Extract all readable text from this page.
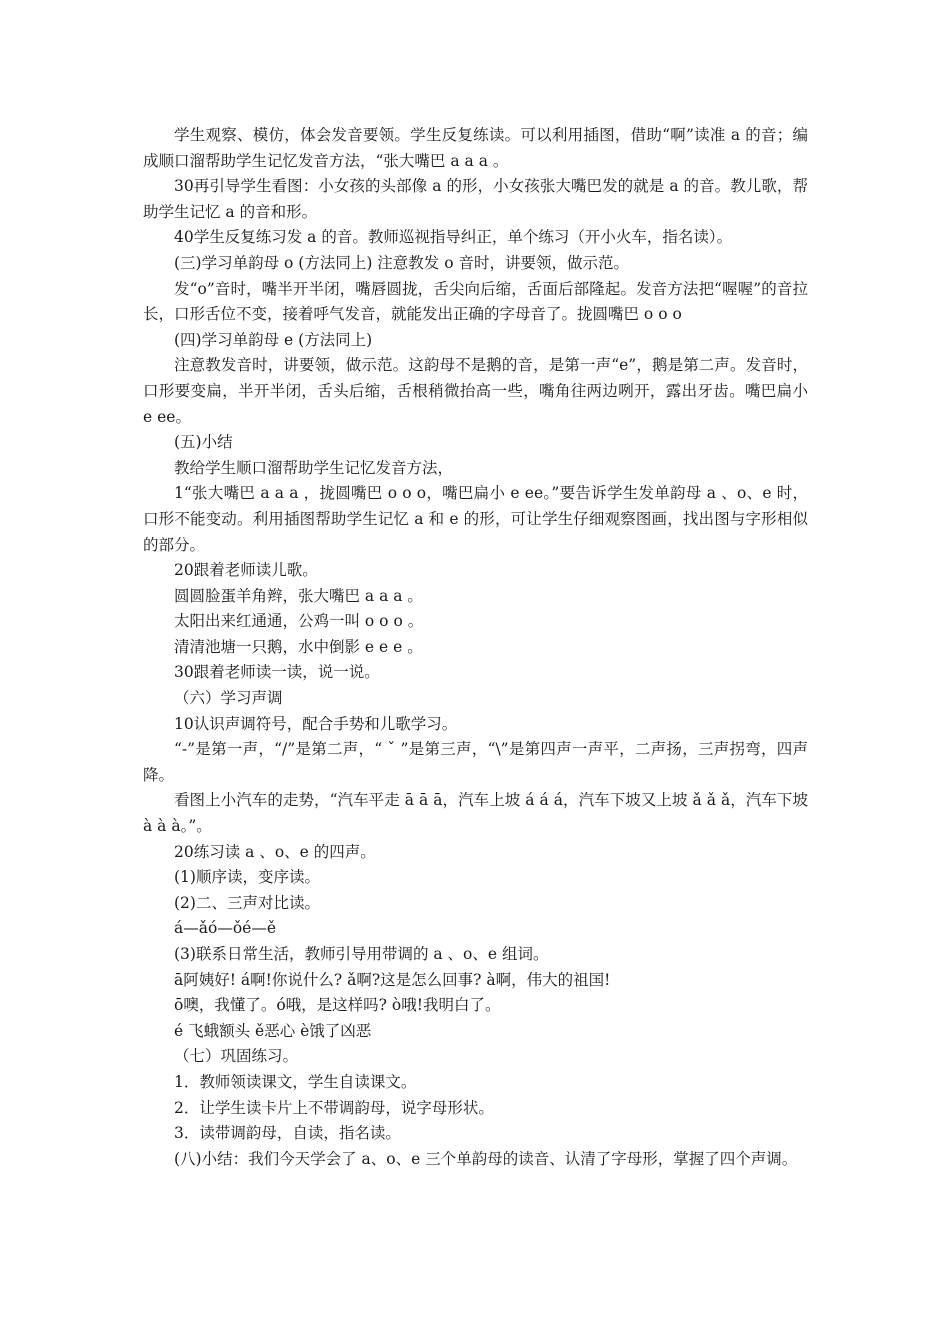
学生观察、模仿，体会发音要领。学生反复练读。可以利用插图，借助“啊”读准 a 的音；编成顺口溜帮助学生记忆发音方法，“张大嘴巴 a a a 。

30再引导学生看图：小女孩的头部像 a 的形，小女孩张大嘴巴发的就是 a 的音。教儿歌，帮助学生记忆 a 的音和形。

40学生反复练习发 a 的音。教师巡视指导纠正，单个练习（开小火车，指名读）。

(三)学习单韵母 o (方法同上) 注意教发 o 音时，讲要领，做示范。

发“o”音时，嘴半开半闭，嘴唇圆拢，舌尖向后缩，舌面后部隆起。发音方法把“喔喔”的音拉长，口形舌位不变，接着呼气发音，就能发出正确的字母音了。拢圆嘴巴 o o o

(四)学习单韵母 e (方法同上)

注意教发音时，讲要领，做示范。这韵母不是鹅的音，是第一声“e”，鹅是第二声。发音时，口形要变扁，半开半闭，舌头后缩，舌根稍微抬高一些，嘴角往两边咧开，露出牙齿。嘴巴扁小 e ee。

(五)小结

教给学生顺口溜帮助学生记忆发音方法，

1“张大嘴巴 a a a ，拢圆嘴巴 o o o，嘴巴扁小 e ee。”要告诉学生发单韵母 a 、o、e 时，口形不能变动。利用插图帮助学生记忆 a 和 e 的形，可让学生仔细观察图画，找出图与字形相似的部分。

20跟着老师读儿歌。

圆圆脸蛋羊角辫，张大嘴巴 a a a 。

太阳出来红通通，公鸡一叫 o o o 。

清清池塘一只鹅，水中倒影 e e e 。

30跟着老师读一读，说一说。

（六）学习声调

10认识声调符号，配合手势和儿歌学习。

“-”是第一声，“/”是第二声，“ ˇ ”是第三声，“\”是第四声一声平，二声扬，三声拐弯，四声降。

看图上小汽车的走势，“汽车平走 ā ā ā，汽车上坡 á á á，汽车下坡又上坡 ǎ ǎ ǎ，汽车下坡 à à à。”。

20练习读 a 、o、e 的四声。

(1)顺序读，变序读。

(2)二、三声对比读。

á—ǎó—ǒé—ě

(3)联系日常生活，教师引导用带调的 a 、o、e 组词。

ā阿姨好! á啊!你说什么? ǎ啊?这是怎么回事? à啊，伟大的祖国!

ō噢，我懂了。ó哦，是这样吗? ò哦!我明白了。

é 飞蛾额头 ě恶心 è饿了凶恶

（七）巩固练习。

1．教师领读课文，学生自读课文。

2．让学生读卡片上不带调韵母，说字母形状。

3．读带调韵母，自读，指名读。

(八)小结：我们今天学会了 a、o、e 三个单韵母的读音、认清了字母形，掌握了四个声调。
